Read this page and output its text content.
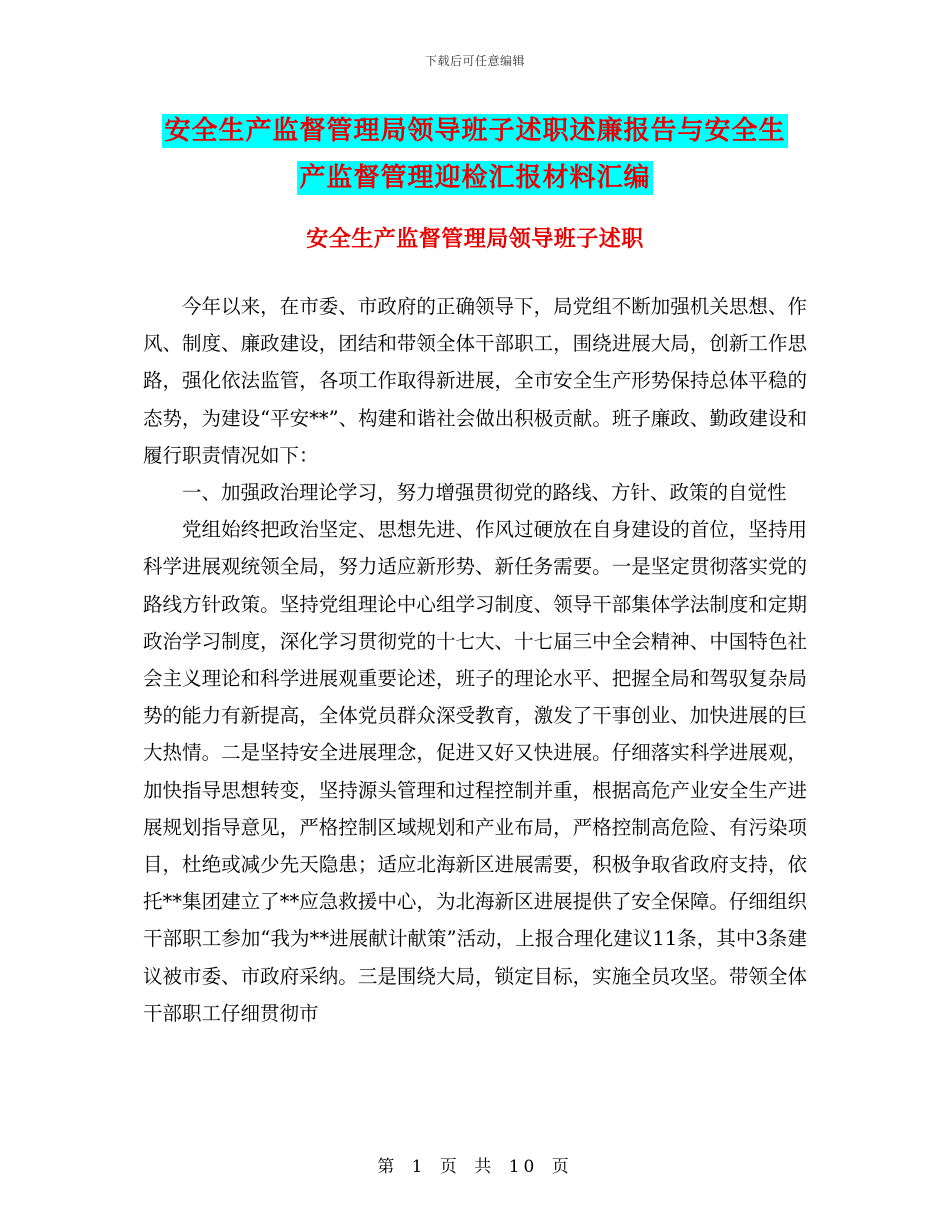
下载后可任意编辑
安全生产监督管理局领导班子述职述廉报告与安全生
产监督管理迎检汇报材料汇编
安全生产监督管理局领导班子述职

今年以来，在市委、市政府的正确领导下，局党组不断加强机关思想、作风、制度、廉政建设，团结和带领全体干部职工，围绕进展大局，创新工作思路，强化依法监管，各项工作取得新进展，全市安全生产形势保持总体平稳的态势，为建设“平安**”、构建和谐社会做出积极贡献。班子廉政、勤政建设和履行职责情况如下：

一、加强政治理论学习，努力增强贯彻党的路线、方针、政策的自觉性

党组始终把政治坚定、思想先进、作风过硬放在自身建设的首位，坚持用科学进展观统领全局，努力适应新形势、新任务需要。一是坚定贯彻落实党的路线方针政策。坚持党组理论中心组学习制度、领导干部集体学法制度和定期政治学习制度，深化学习贯彻党的十七大、十七届三中全会精神、中国特色社会主义理论和科学进展观重要论述，班子的理论水平、把握全局和驾驭复杂局势的能力有新提高，全体党员群众深受教育，激发了干事创业、加快进展的巨大热情。二是坚持安全进展理念，促进又好又快进展。仔细落实科学进展观，加快指导思想转变，坚持源头管理和过程控制并重，根据高危产业安全生产进展规划指导意见，严格控制区域规划和产业布局，严格控制高危险、有污染项目，杜绝或减少先天隐患；适应北海新区进展需要，积极争取省政府支持，依托**集团建立了**应急救援中心，为北海新区进展提供了安全保障。仔细组织干部职工参加“我为**进展献计献策”活动，上报合理化建议11条，其中3条建议被市委、市政府采纳。三是围绕大局，锁定目标，实施全员攻坚。带领全体干部职工仔细贯彻市

第 1 页 共 10 页
